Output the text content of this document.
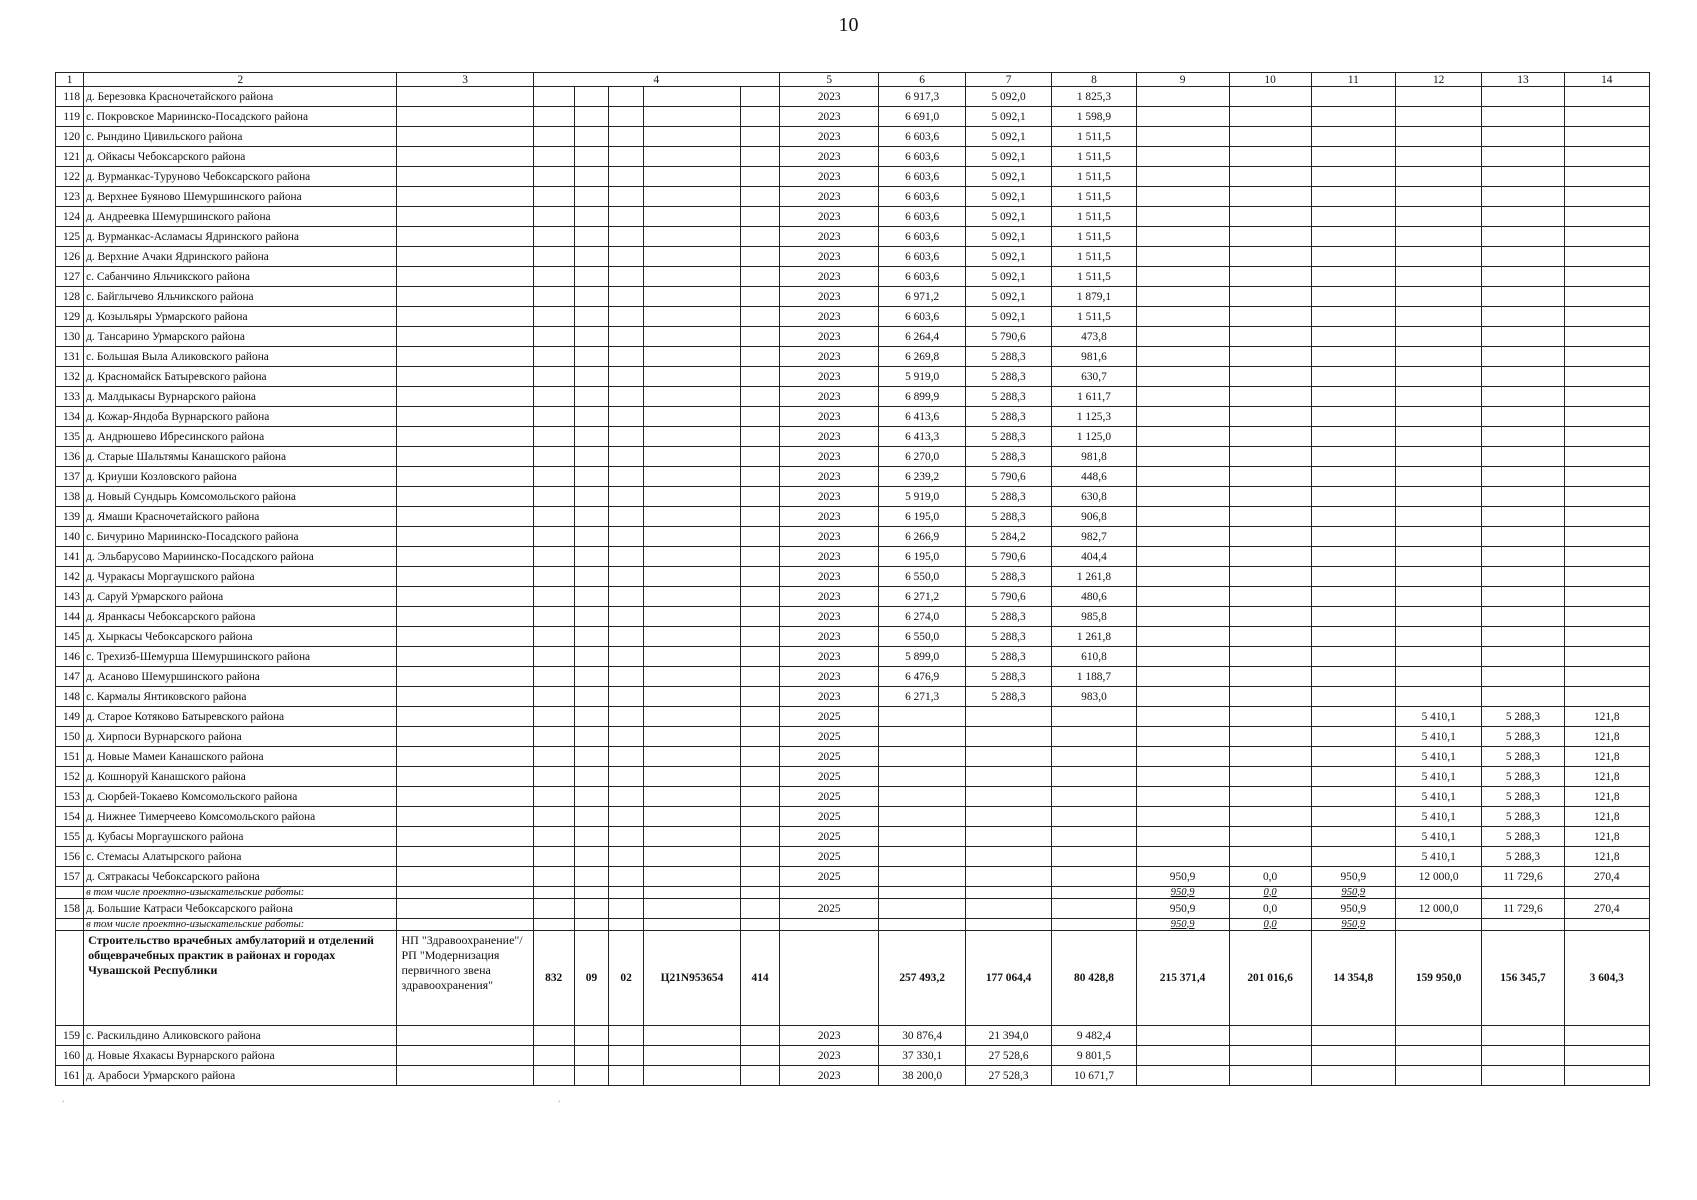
10
1	2	3	4					5	6	7	8	9	10	11	12	13	14
118	д. Березовка Красночетайского района							2023	6 917,3	5 092,0	1 825,3						
119	с. Покровское Мариинско-Посадского района							2023	6 691,0	5 092,1	1 598,9						
120	с. Рындино Цивильского района							2023	6 603,6	5 092,1	1 511,5						
121	д. Ойкасы Чебоксарского района							2023	6 603,6	5 092,1	1 511,5						
122	д. Вурманкас-Туруново Чебоксарского района							2023	6 603,6	5 092,1	1 511,5						
123	д. Верхнее Буяново Шемуршинского района							2023	6 603,6	5 092,1	1 511,5						
124	д. Андреевка Шемуршинского района							2023	6 603,6	5 092,1	1 511,5						
125	д. Вурманкас-Асламасы Ядринского района							2023	6 603,6	5 092,1	1 511,5						
126	д. Верхние Ачаки Ядринского района							2023	6 603,6	5 092,1	1 511,5						
127	с. Сабанчино Яльчикского района							2023	6 603,6	5 092,1	1 511,5						
128	с. Байглычево Яльчикского района							2023	6 971,2	5 092,1	1 879,1						
129	д. Козыльяры Урмарского района							2023	6 603,6	5 092,1	1 511,5						
130	д. Тансарино Урмарского района							2023	6 264,4	5 790,6	473,8						
131	с. Большая Выла Аликовского района							2023	6 269,8	5 288,3	981,6						
132	д. Красномайск Батыревского района							2023	5 919,0	5 288,3	630,7						
133	д. Малдыкасы Вурнарского района							2023	6 899,9	5 288,3	1 611,7						
134	д. Кожар-Яндоба Вурнарского района							2023	6 413,6	5 288,3	1 125,3						
135	д. Андрюшево Ибресинского района							2023	6 413,3	5 288,3	1 125,0						
136	д. Старые Шальтямы Канашского района							2023	6 270,0	5 288,3	981,8						
137	д. Криуши Козловского района							2023	6 239,2	5 790,6	448,6						
138	д. Новый Сундырь Комсомольского района							2023	5 919,0	5 288,3	630,8						
139	д. Ямаши Красночетайского района							2023	6 195,0	5 288,3	906,8						
140	с. Бичурино Мариинско-Посадского района							2023	6 266,9	5 284,2	982,7						
141	д. Эльбарусово Мариинско-Посадского района							2023	6 195,0	5 790,6	404,4						
142	д. Чуракасы Моргаушского района							2023	6 550,0	5 288,3	1 261,8						
143	д. Саруй Урмарского района							2023	6 271,2	5 790,6	480,6						
144	д. Яранкасы Чебоксарского района							2023	6 274,0	5 288,3	985,8						
145	д. Хыркасы Чебоксарского района							2023	6 550,0	5 288,3	1 261,8						
146	с. Трехизб-Шемурша Шемуршинского района							2023	5 899,0	5 288,3	610,8						
147	д. Асаново Шемуршинского района							2023	6 476,9	5 288,3	1 188,7						
148	с. Кармалы Янтиковского района							2023	6 271,3	5 288,3	983,0						
149	д. Старое Котяково Батыревского района							2025							5 410,1	5 288,3	121,8
150	д. Хирпоси Вурнарского района							2025							5 410,1	5 288,3	121,8
151	д. Новые Мамеи Канашского района							2025							5 410,1	5 288,3	121,8
152	д. Кошноруй Канашского района							2025							5 410,1	5 288,3	121,8
153	д. Сюрбей-Токаево Комсомольского района							2025							5 410,1	5 288,3	121,8
154	д. Нижнее Тимерчеево Комсомольского района							2025							5 410,1	5 288,3	121,8
155	д. Кубасы Моргаушского района							2025							5 410,1	5 288,3	121,8
156	с. Стемасы Алатырского района							2025							5 410,1	5 288,3	121,8
157	д. Сятракасы Чебоксарского района							2025				950,9	0,0	950,9	12 000,0	11 729,6	270,4
	в том числе проектно-изыскательские работы:											950,9	0,0	950,9			
158	д. Большие Катраси Чебоксарского района							2025				950,9	0,0	950,9	12 000,0	11 729,6	270,4
	в том числе проектно-изыскательские работы:											950,9	0,0	950,9			
	Строительство врачебных амбулаторий и отделений общеврачебных практик в районах и городах Чувашской Республики	НП "Здравоохранение"/ РП "Модернизация первичного звена здравоохранения"	832	09	02	Ц21N953654	414		257 493,2	177 064,4	80 428,8	215 371,4	201 016,6	14 354,8	159 950,0	156 345,7	3 604,3
159	с. Раскильдино Аликовского района							2023	30 876,4	21 394,0	9 482,4						
160	д. Новые Яхакасы Вурнарского района							2023	37 330,1	27 528,6	9 801,5						
161	д. Арабоси Урмарского района							2023	38 200,0	27 528,3	10 671,7						
.	.
